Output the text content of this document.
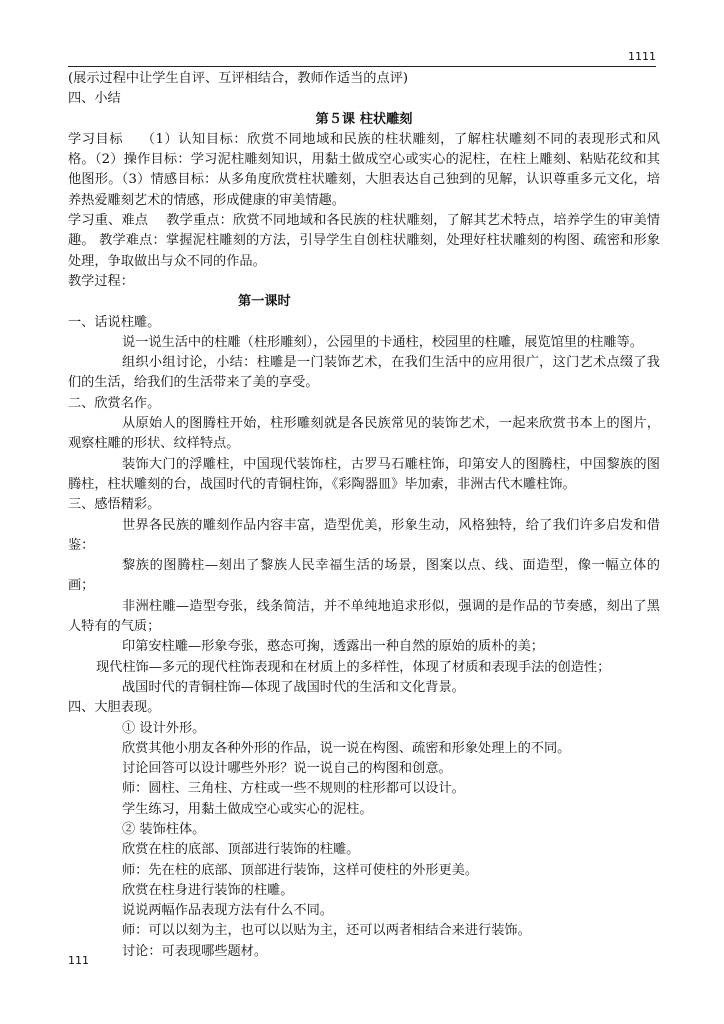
1111

(展示过程中让学生自评、互评相结合，教师作适当的点评)

四、小结

第５课 柱状雕刻

学习目标 （1）认知目标：欣赏不同地域和民族的柱状雕刻，了解柱状雕刻不同的表现形式和风格。（2）操作目标：学习泥柱雕刻知识，用黏土做成空心或实心的泥柱，在柱上雕刻、粘贴花纹和其他图形。（3）情感目标：从多角度欣赏柱状雕刻，大胆表达自己独到的见解，认识尊重多元文化，培养热爱雕刻艺术的情感，形成健康的审美情趣。

学习重、难点 教学重点：欣赏不同地域和各民族的柱状雕刻，了解其艺术特点，培养学生的审美情趣。 教学难点：掌握泥柱雕刻的方法，引导学生自创柱状雕刻，处理好柱状雕刻的构图、疏密和形象处理，争取做出与众不同的作品。

教学过程：

第一课时

一、话说柱雕。

说一说生活中的柱雕（柱形雕刻），公园里的卡通柱，校园里的柱雕，展览馆里的柱雕等。

组织小组讨论，小结：柱雕是一门装饰艺术，在我们生活中的应用很广，这门艺术点缀了我们的生活，给我们的生活带来了美的享受。

二、欣赏名作。

从原始人的图腾柱开始，柱形雕刻就是各民族常见的装饰艺术，一起来欣赏书本上的图片，观察柱雕的形状、纹样特点。

装饰大门的浮雕柱，中国现代装饰柱，古罗马石雕柱饰，印第安人的图腾柱，中国黎族的图腾柱，柱状雕刻的台，战国时代的青铜柱饰，《彩陶器皿》毕加索，非洲古代木雕柱饰。

三、感悟精彩。

世界各民族的雕刻作品内容丰富，造型优美，形象生动，风格独特，给了我们许多启发和借鉴：

黎族的图腾柱—刻出了黎族人民幸福生活的场景，图案以点、线、面造型，像一幅立体的画；

非洲柱雕—造型夸张，线条简洁，并不单纯地追求形似，强调的是作品的节奏感，刻出了黑人特有的气质；

印第安柱雕—形象夸张，憨态可掬，透露出一种自然的原始的质朴的美；

现代柱饰—多元的现代柱饰表现和在材质上的多样性，体现了材质和表现手法的创造性；

战国时代的青铜柱饰—体现了战国时代的生活和文化背景。

四、大胆表现。

① 设计外形。

欣赏其他小朋友各种外形的作品，说一说在构图、疏密和形象处理上的不同。

讨论回答可以设计哪些外形？说一说自己的构图和创意。

师：圆柱、三角柱、方柱或一些不规则的柱形都可以设计。

学生练习，用黏土做成空心或实心的泥柱。

② 装饰柱体。

欣赏在柱的底部、顶部进行装饰的柱雕。

师：先在柱的底部、顶部进行装饰，这样可使柱的外形更美。

欣赏在柱身进行装饰的柱雕。

说说两幅作品表现方法有什么不同。

师：可以以刻为主，也可以以贴为主，还可以两者相结合来进行装饰。

讨论：可表现哪些题材。

111
